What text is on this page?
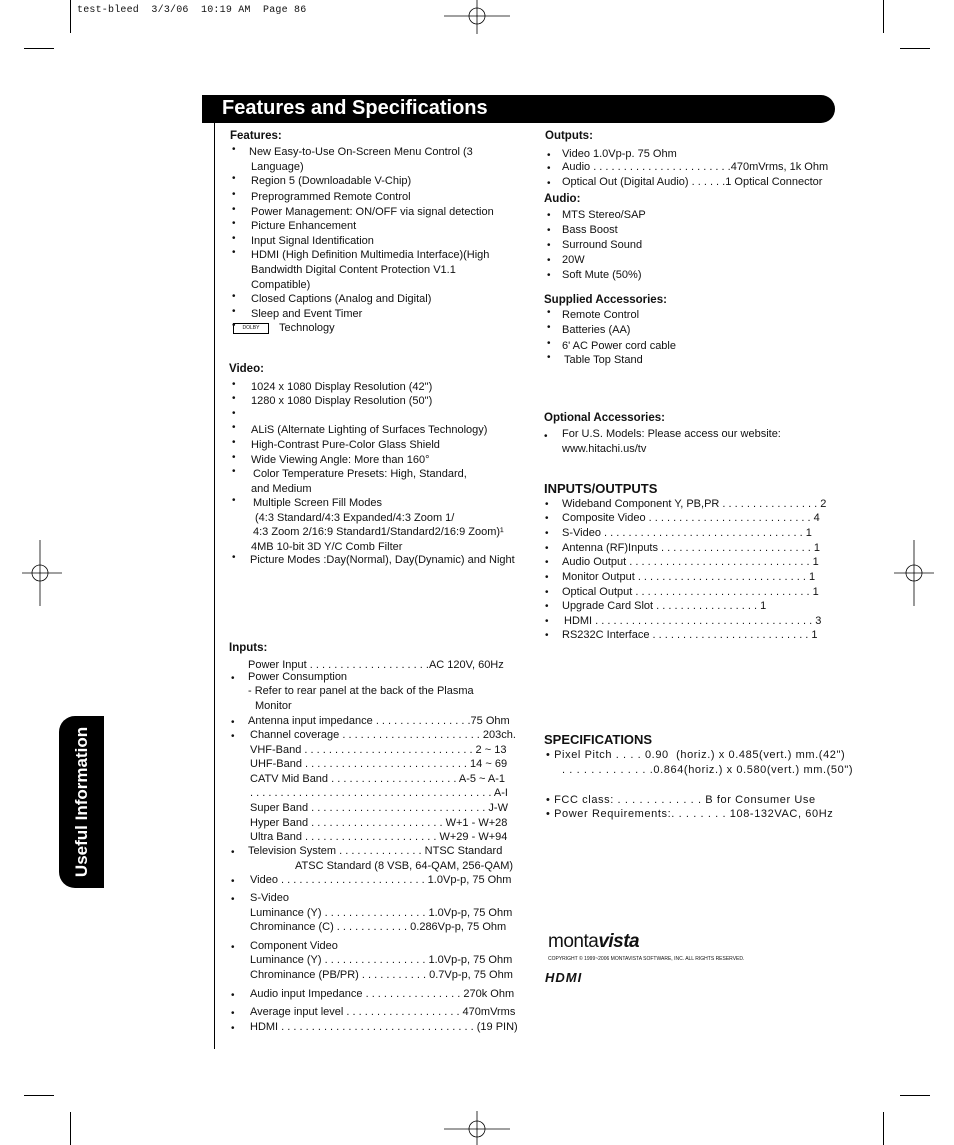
test-bleed  3/3/06  10:19 AM  Page 86
Features and Specifications
Useful Information
Features:
Video:
Inputs:
Outputs:
Audio:
Supplied Accessories:
Optional Accessories:
INPUTS/OUTPUTS
SPECIFICATIONS
• New Easy-to-Use On-Screen Menu Control (3
Language)
• Region 5 (Downloadable V-Chip)
• Preprogrammed Remote Control
• Power Management: ON/OFF via signal detection
• Picture Enhancement
• Input Signal Identification
• HDMI (High Definition Multimedia Interface)(High
Bandwidth Digital Content Protection V1.1
Compatible)
• Closed Captions (Analog and Digital)
• Sleep and Event Timer
DOLBY Technology
•
• 1024 x 1080 Display Resolution (42")
• 1280 x 1080 Display Resolution (50")
•
• ALiS (Alternate Lighting of Surfaces Technology)
• High-Contrast Pure-Color Glass Shield
• Wide Viewing Angle: More than 160°
• Color Temperature Presets: High, Standard,
and Medium
• Multiple Screen Fill Modes
(4:3 Standard/4:3 Expanded/4:3 Zoom 1/
4:3 Zoom 2/16:9 Standard1/Standard2/16:9 Zoom)¹
4MB 10-bit 3D Y/C Comb Filter
• Picture Modes :Day(Normal), Day(Dynamic) and Night
Power Input . . . . . . . . . . . . . . . . . . . .AC 120V, 60Hz
• Power Consumption
- Refer to rear panel at the back of the Plasma
Monitor
• Antenna input impedance . . . . . . . . . . . . . . . .75 Ohm
• Channel coverage . . . . . . . . . . . . . . . . . . . . . . . 203ch.
VHF-Band . . . . . . . . . . . . . . . . . . . . . . . . . . . . 2 ~ 13
UHF-Band . . . . . . . . . . . . . . . . . . . . . . . . . . . 14 ~ 69
CATV Mid Band . . . . . . . . . . . . . . . . . . . . . A-5 ~ A-1
. . . . . . . . . . . . . . . . . . . . . . . . . . . . . . . . . . . . . . . . A-I
Super Band . . . . . . . . . . . . . . . . . . . . . . . . . . . . . J-W
Hyper Band . . . . . . . . . . . . . . . . . . . . . . W+1 - W+28
Ultra Band . . . . . . . . . . . . . . . . . . . . . . W+29 - W+94
• Television System . . . . . . . . . . . . . . NTSC Standard
ATSC Standard (8 VSB, 64-QAM, 256-QAM)
• Video . . . . . . . . . . . . . . . . . . . . . . . . 1.0Vp-p, 75 Ohm
• S-Video
Luminance (Y) . . . . . . . . . . . . . . . . . 1.0Vp-p, 75 Ohm
Chrominance (C) . . . . . . . . . . . . 0.286Vp-p, 75 Ohm
• Component Video
Luminance (Y) . . . . . . . . . . . . . . . . . 1.0Vp-p, 75 Ohm
Chrominance (PB/PR) . . . . . . . . . . . 0.7Vp-p, 75 Ohm
• Audio input Impedance . . . . . . . . . . . . . . . . 270k Ohm
• Average input level . . . . . . . . . . . . . . . . . . . 470mVrms
• HDMI . . . . . . . . . . . . . . . . . . . . . . . . . . . . . . . . (19 PIN)
• Video 1.0Vp-p. 75 Ohm
• Audio . . . . . . . . . . . . . . . . . . . . . . .470mVrms, 1k Ohm
• Optical Out (Digital Audio) . . . . . .1 Optical Connector
• MTS Stereo/SAP
• Bass Boost
• Surround Sound
• 20W
• Soft Mute (50%)
• Remote Control
• Batteries (AA)
• 6' AC Power cord cable
• Table Top Stand
• For U.S. Models: Please access our website:
www.hitachi.us/tv
• Wideband Component Y, PB,PR . . . . . . . . . . . . . . . . 2
• Composite Video . . . . . . . . . . . . . . . . . . . . . . . . . . . 4
• S-Video . . . . . . . . . . . . . . . . . . . . . . . . . . . . . . . . . 1
• Antenna (RF)Inputs . . . . . . . . . . . . . . . . . . . . . . . . . 1
• Audio Output . . . . . . . . . . . . . . . . . . . . . . . . . . . . . . 1
• Monitor Output . . . . . . . . . . . . . . . . . . . . . . . . . . . . 1
• Optical Output . . . . . . . . . . . . . . . . . . . . . . . . . . . . . 1
• Upgrade Card Slot . . . . . . . . . . . . . . . . . 1
• HDMI . . . . . . . . . . . . . . . . . . . . . . . . . . . . . . . . . . . . 3
• RS232C Interface . . . . . . . . . . . . . . . . . . . . . . . . . . 1
• Pixel Pitch . . . . 0.90  (horiz.) x 0.485(vert.) mm.(42")
. . . . . . . . . . . . .0.864(horiz.) x 0.580(vert.) mm.(50")
• FCC class: . . . . . . . . . . . . B for Consumer Use
• Power Requirements:. . . . . . . . 108-132VAC, 60Hz
montavista
COPYRIGHT © 1999~2006 MONTAVISTA SOFTWARE, INC. ALL RIGHTS RESERVED.
HDMI
